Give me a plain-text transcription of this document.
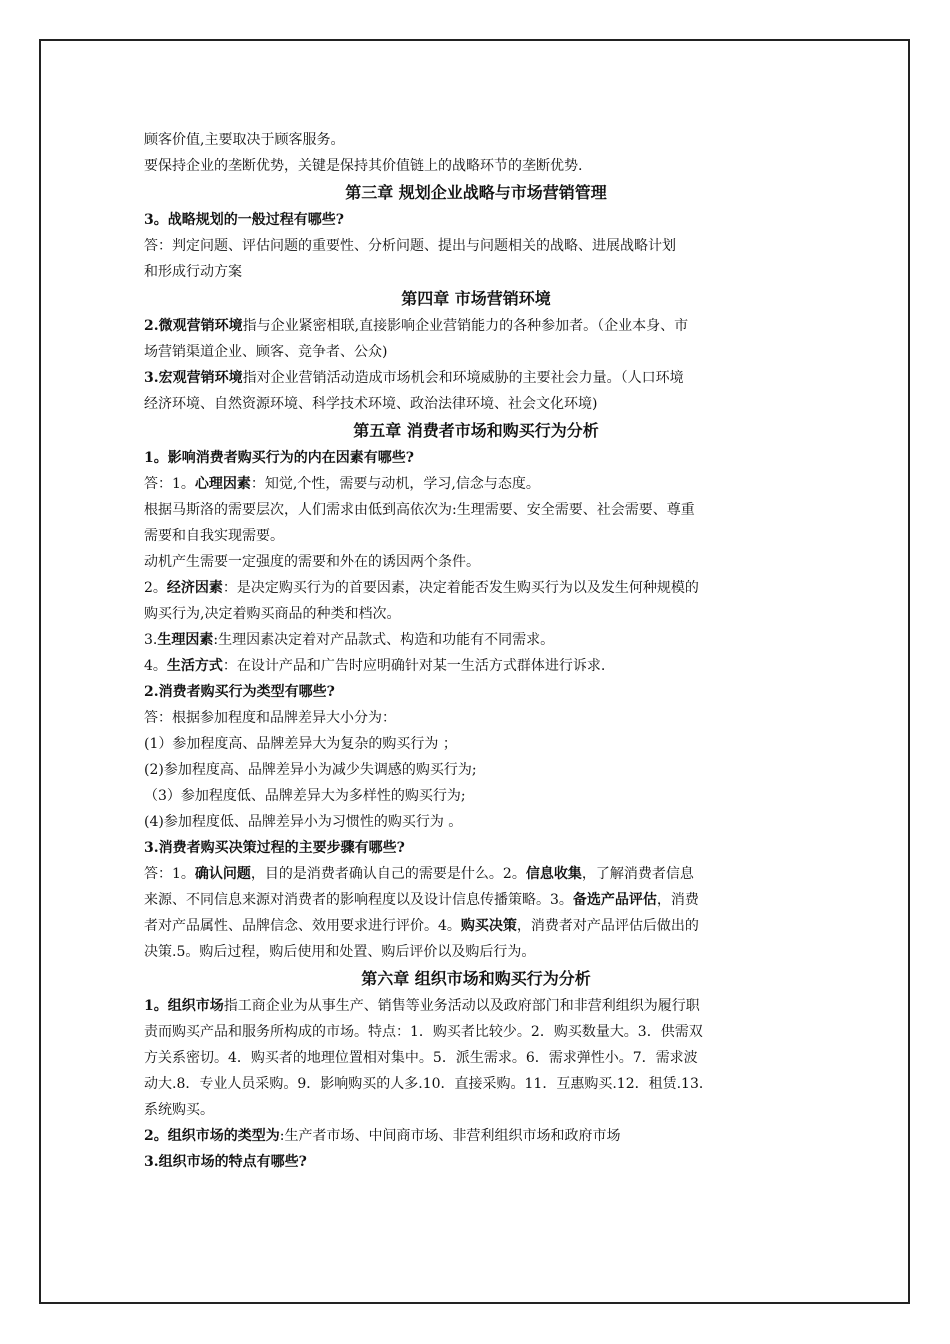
顾客价值,主要取决于顾客服务。

要保持企业的垄断优势，关键是保持其价值链上的战略环节的垄断优势.

第三章 规划企业战略与市场营销管理

3。战略规划的一般过程有哪些?

答：判定问题、评估问题的重要性、分析问题、提出与问题相关的战略、进展战略计划

和形成行动方案

第四章 市场营销环境

2.微观营销环境指与企业紧密相联,直接影响企业营销能力的各种参加者。（企业本身、市

场营销渠道企业、顾客、竞争者、公众)

3.宏观营销环境指对企业营销活动造成市场机会和环境威胁的主要社会力量。（人口环境

经济环境、自然资源环境、科学技术环境、政治法律环境、社会文化环境)

第五章 消费者市场和购买行为分析

1。影响消费者购买行为的内在因素有哪些?

答：1。心理因素：知觉,个性，需要与动机，学习,信念与态度。

根据马斯洛的需要层次，人们需求由低到高依次为:生理需要、安全需要、社会需要、尊重

需要和自我实现需要。

动机产生需要一定强度的需要和外在的诱因两个条件。

2。经济因素：是决定购买行为的首要因素，决定着能否发生购买行为以及发生何种规模的

购买行为,决定着购买商品的种类和档次。

3.生理因素:生理因素决定着对产品款式、构造和功能有不同需求。

4。生活方式：在设计产品和广告时应明确针对某一生活方式群体进行诉求.

2.消费者购买行为类型有哪些?

答：根据参加程度和品牌差异大小分为：

(1）参加程度高、品牌差异大为复杂的购买行为 ；

(2)参加程度高、品牌差异小为减少失调感的购买行为;

（3）参加程度低、品牌差异大为多样性的购买行为;

(4)参加程度低、品牌差异小为习惯性的购买行为 。

3.消费者购买决策过程的主要步骤有哪些?

答：1。确认问题，目的是消费者确认自己的需要是什么。2。信息收集，了解消费者信息

来源、不同信息来源对消费者的影响程度以及设计信息传播策略。3。备选产品评估，消费

者对产品属性、品牌信念、效用要求进行评价。4。购买决策，消费者对产品评估后做出的

决策.5。购后过程，购后使用和处置、购后评价以及购后行为。

第六章 组织市场和购买行为分析

1。组织市场指工商企业为从事生产、销售等业务活动以及政府部门和非营利组织为履行职

责而购买产品和服务所构成的市场。特点：1．购买者比较少。2．购买数量大。3．供需双

方关系密切。4．购买者的地理位置相对集中。5．派生需求。6．需求弹性小。7．需求波

动大.8．专业人员采购。9．影响购买的人多.10．直接采购。11．互惠购买.12．租赁.13．

系统购买。

2。组织市场的类型为:生产者市场、中间商市场、非营利组织市场和政府市场

3.组织市场的特点有哪些?
